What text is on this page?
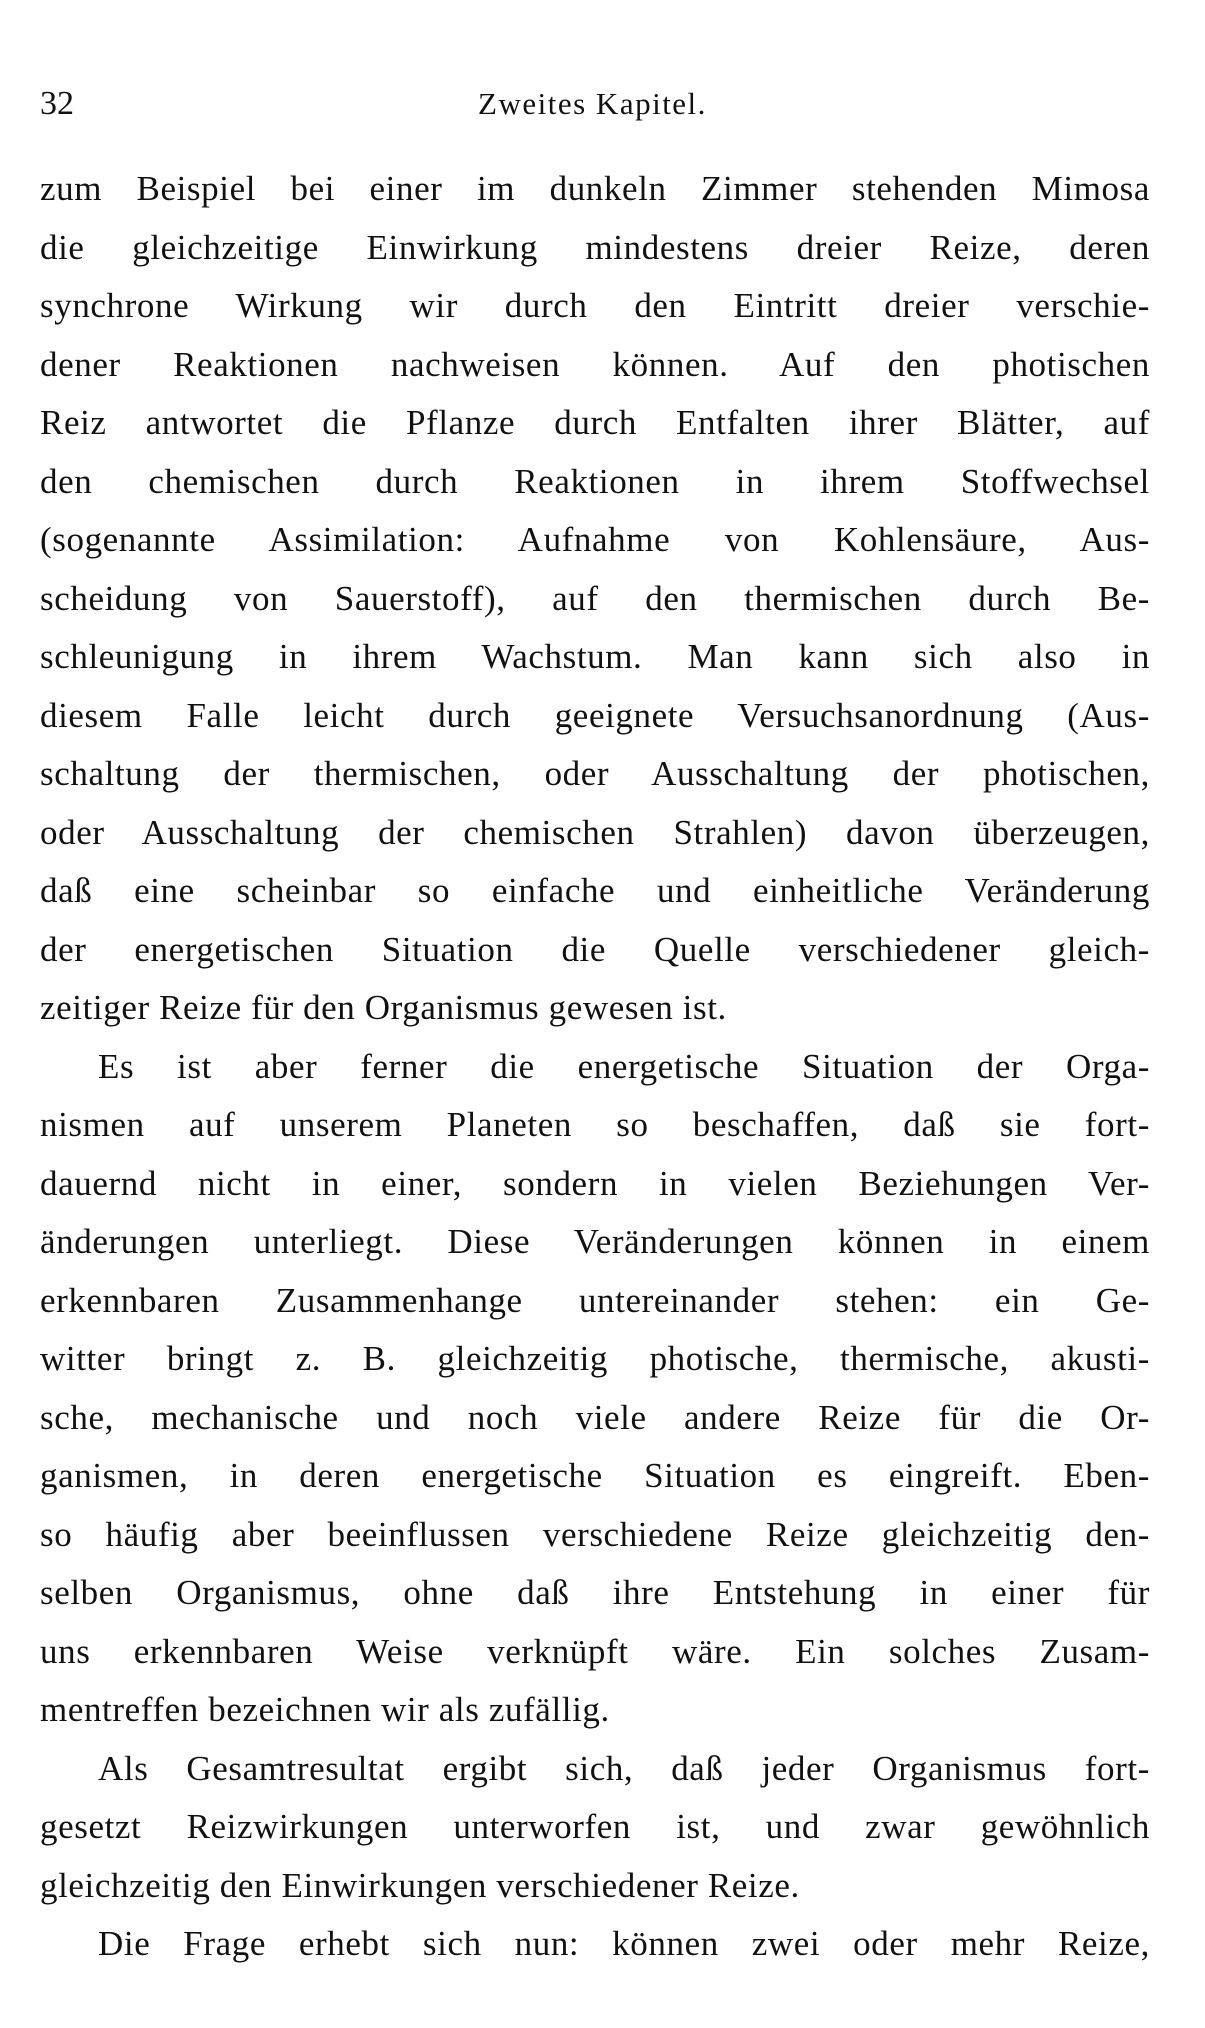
32	Zweites Kapitel.
zum Beispiel bei einer im dunkeln Zimmer stehenden Mimosa
die gleichzeitige Einwirkung mindestens dreier Reize, deren
synchrone Wirkung wir durch den Eintritt dreier verschie-
dener Reaktionen nachweisen können. Auf den photischen
Reiz antwortet die Pflanze durch Entfalten ihrer Blätter, auf
den chemischen durch Reaktionen in ihrem Stoffwechsel
(sogenannte Assimilation: Aufnahme von Kohlensäure, Aus-
scheidung von Sauerstoff), auf den thermischen durch Be-
schleunigung in ihrem Wachstum. Man kann sich also in
diesem Falle leicht durch geeignete Versuchsanordnung (Aus-
schaltung der thermischen, oder Ausschaltung der photischen,
oder Ausschaltung der chemischen Strahlen) davon überzeugen,
daß eine scheinbar so einfache und einheitliche Veränderung
der energetischen Situation die Quelle verschiedener gleich-
zeitiger Reize für den Organismus gewesen ist.
Es ist aber ferner die energetische Situation der Orga-
nismen auf unserem Planeten so beschaffen, daß sie fort-
dauernd nicht in einer, sondern in vielen Beziehungen Ver-
änderungen unterliegt. Diese Veränderungen können in einem
erkennbaren Zusammenhange untereinander stehen: ein Ge-
witter bringt z. B. gleichzeitig photische, thermische, akusti-
sche, mechanische und noch viele andere Reize für die Or-
ganismen, in deren energetische Situation es eingreift. Eben-
so häufig aber beeinflussen verschiedene Reize gleichzeitig den-
selben Organismus, ohne daß ihre Entstehung in einer für
uns erkennbaren Weise verknüpft wäre. Ein solches Zusam-
mentreffen bezeichnen wir als zufällig.
Als Gesamtresultat ergibt sich, daß jeder Organismus fort-
gesetzt Reizwirkungen unterworfen ist, und zwar gewöhnlich
gleichzeitig den Einwirkungen verschiedener Reize.
Die Frage erhebt sich nun: können zwei oder mehr Reize,
